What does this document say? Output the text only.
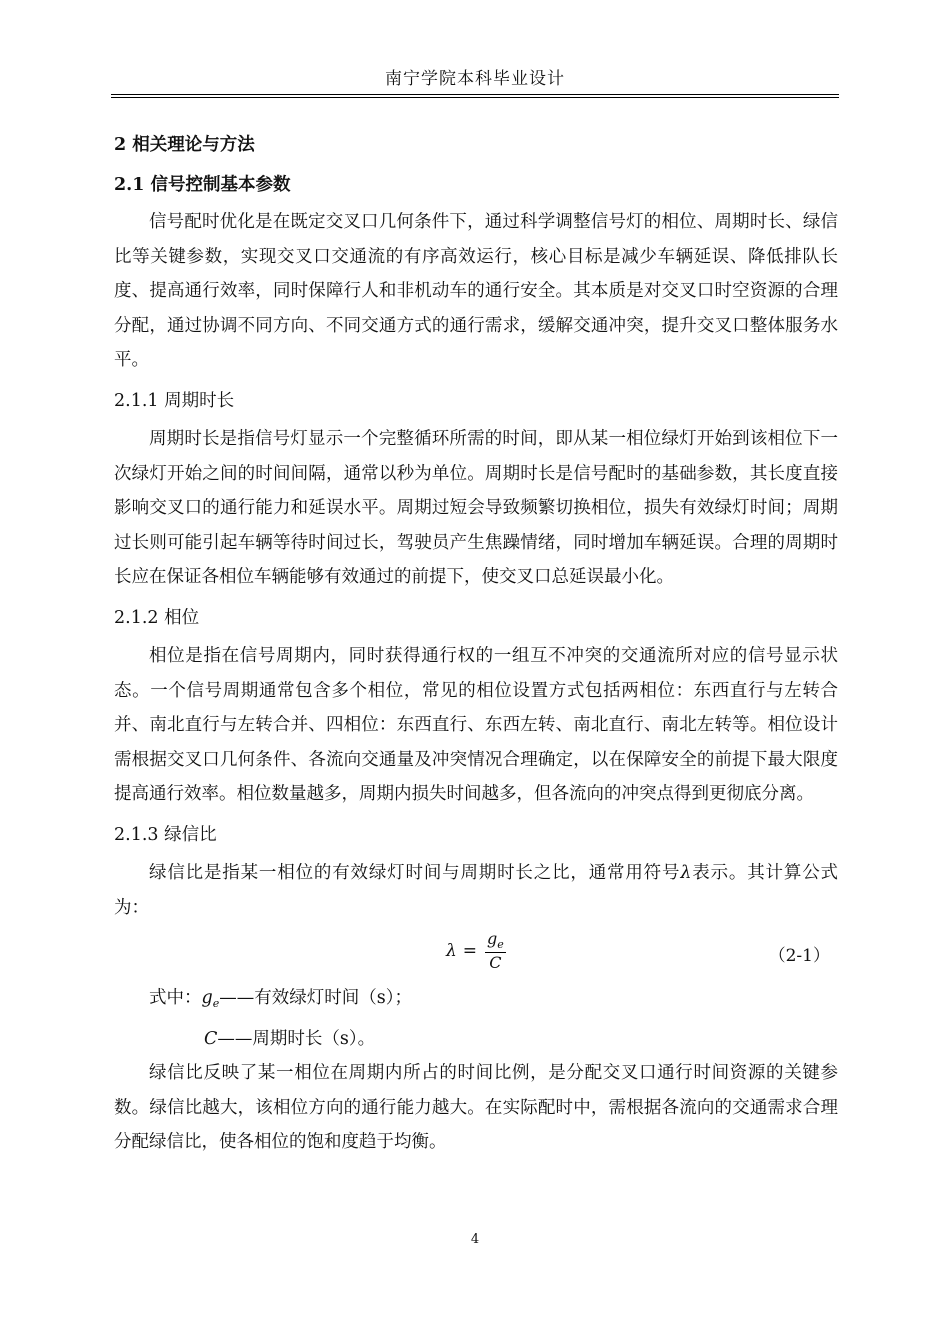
南宁学院本科毕业设计
2 相关理论与方法
2.1 信号控制基本参数

信号配时优化是在既定交叉口几何条件下，通过科学调整信号灯的相位、周期时长、绿信比等关键参数，实现交叉口交通流的有序高效运行，核心目标是减少车辆延误、降低排队长度、提高通行效率，同时保障行人和非机动车的通行安全。其本质是对交叉口时空资源的合理分配，通过协调不同方向、不同交通方式的通行需求，缓解交通冲突，提升交叉口整体服务水平。

2.1.1 周期时长

周期时长是指信号灯显示一个完整循环所需的时间，即从某一相位绿灯开始到该相位下一次绿灯开始之间的时间间隔，通常以秒为单位。周期时长是信号配时的基础参数，其长度直接影响交叉口的通行能力和延误水平。周期过短会导致频繁切换相位，损失有效绿灯时间；周期过长则可能引起车辆等待时间过长，驾驶员产生焦躁情绪，同时增加车辆延误。合理的周期时长应在保证各相位车辆能够有效通过的前提下，使交叉口总延误最小化。

2.1.2 相位

相位是指在信号周期内，同时获得通行权的一组互不冲突的交通流所对应的信号显示状态。一个信号周期通常包含多个相位，常见的相位设置方式包括两相位：东西直行与左转合并、南北直行与左转合并、四相位：东西直行、东西左转、南北直行、南北左转等。相位设计需根据交叉口几何条件、各流向交通量及冲突情况合理确定，以在保障安全的前提下最大限度提高通行效率。相位数量越多，周期内损失时间越多，但各流向的冲突点得到更彻底分离。

2.1.3 绿信比

绿信比是指某一相位的有效绿灯时间与周期时长之比，通常用符号λ表示。其计算公式为：

$\lambda = \frac{g_e}{C}$	（2-1）
式中：$g_e——$有效绿灯时间（s）；
C——周期时长（s）。

绿信比反映了某一相位在周期内所占的时间比例，是分配交叉口通行时间资源的关键参数。绿信比越大，该相位方向的通行能力越大。在实际配时中，需根据各流向的交通需求合理分配绿信比，使各相位的饱和度趋于均衡。

4
